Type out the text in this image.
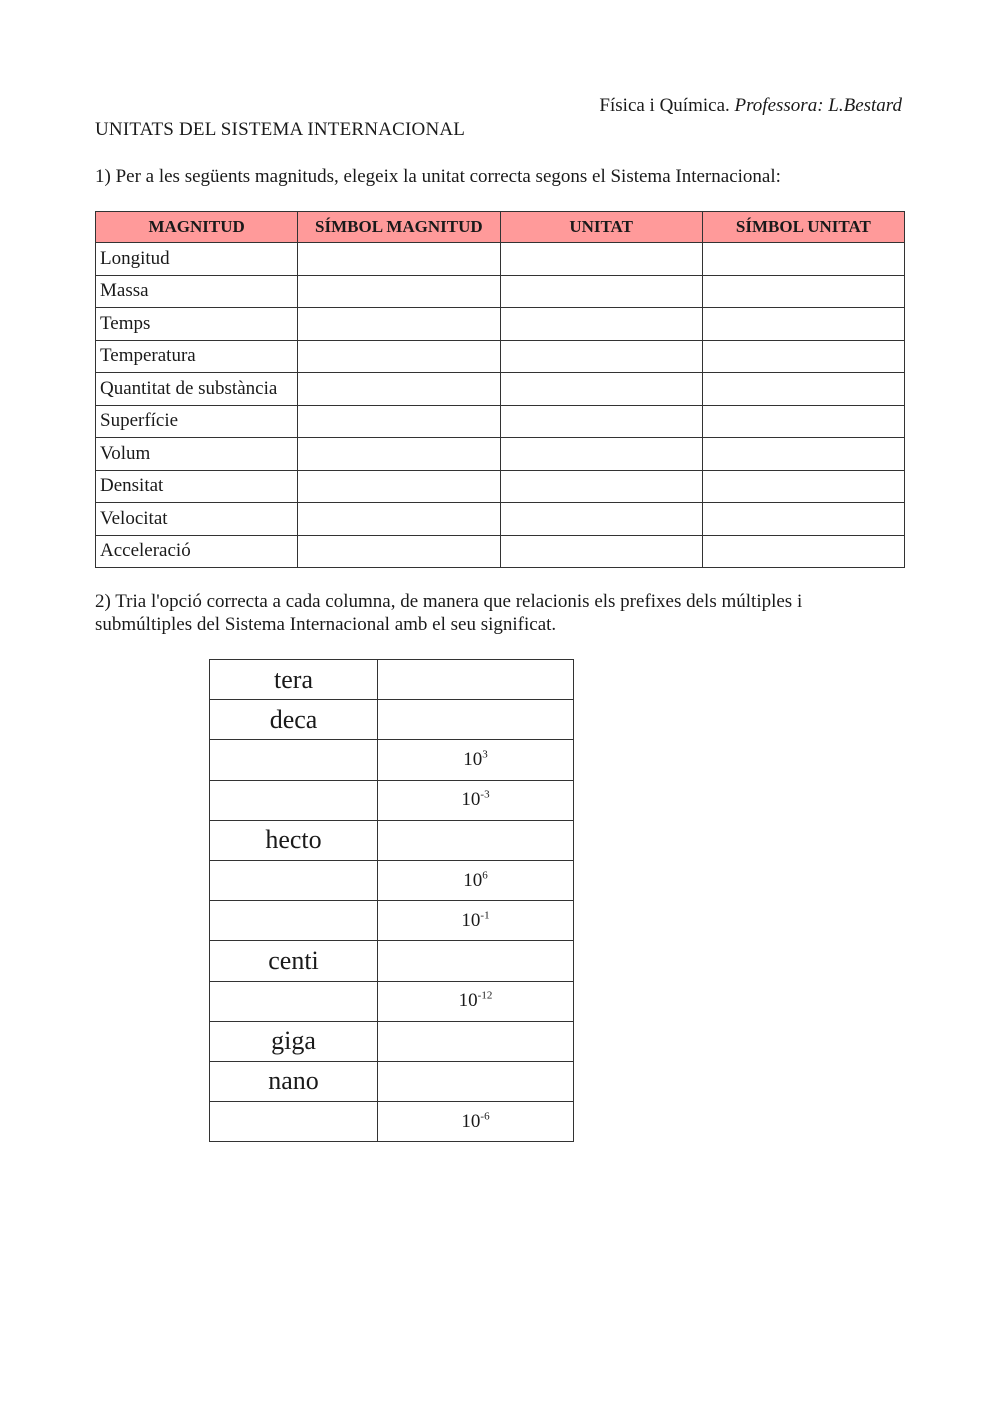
Física i Química. Professora: L.Bestard
UNITATS DEL SISTEMA INTERNACIONAL
1) Per a les següents magnituds, elegeix la unitat correcta segons el Sistema Internacional:
MAGNITUD	SÍMBOL MAGNITUD	UNITAT	SÍMBOL UNITAT
Longitud			
Massa			
Temps			
Temperatura			
Quantitat de substància			
Superfície			
Volum			
Densitat			
Velocitat			
Acceleració			
2) Tria l'opció correcta a cada columna, de manera que relacionis els prefixes dels múltiples i submúltiples del Sistema Internacional amb el seu significat.
tera	
deca	
	$10^3$
	$10^{-3}$
hecto	
	$10^6$
	$10^{-1}$
centi	
	$10^{-12}$
giga	
nano	
	$10^{-6}$
